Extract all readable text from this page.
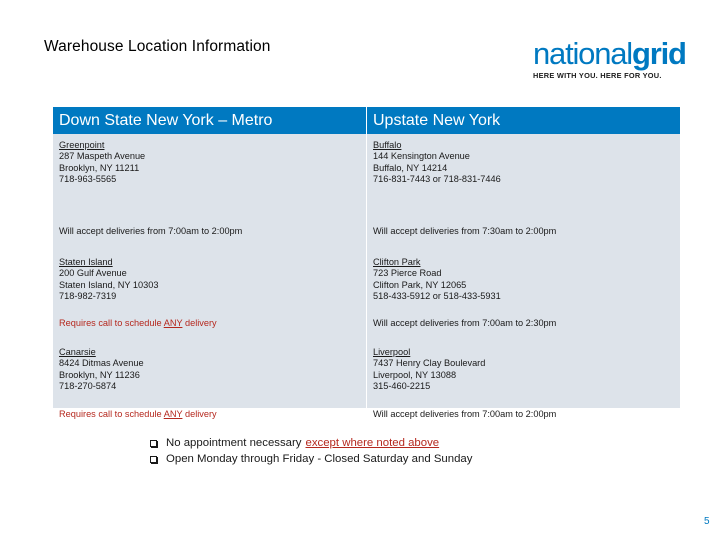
Warehouse Location Information	nationalgrid
HERE WITH YOU. HERE FOR YOU.
Down State New York – Metro	Upstate New York
Greenpoint
287 Maspeth Avenue
Brooklyn, NY 11211
718-963-5565
Will accept deliveries from 7:00am to 2:00pm
Staten Island
200 Gulf Avenue
Staten Island, NY 10303
718-982-7319
Requires call to schedule ANY delivery
Canarsie
8424 Ditmas Avenue
Brooklyn, NY 11236
718-270-5874
Requires call to schedule ANY delivery
Buffalo
144 Kensington Avenue
Buffalo, NY 14214
716-831-7443 or 718-831-7446
Will accept deliveries from 7:30am to 2:00pm
Clifton Park
723 Pierce Road
Clifton Park, NY 12065
518-433-5912 or 518-433-5931
Will accept deliveries from 7:00am to 2:30pm
Liverpool
7437 Henry Clay Boulevard
Liverpool, NY 13088
315-460-2215
Will accept deliveries from 7:00am to 2:00pm
No appointment necessary except where noted above
Open Monday through Friday - Closed Saturday and Sunday
5
